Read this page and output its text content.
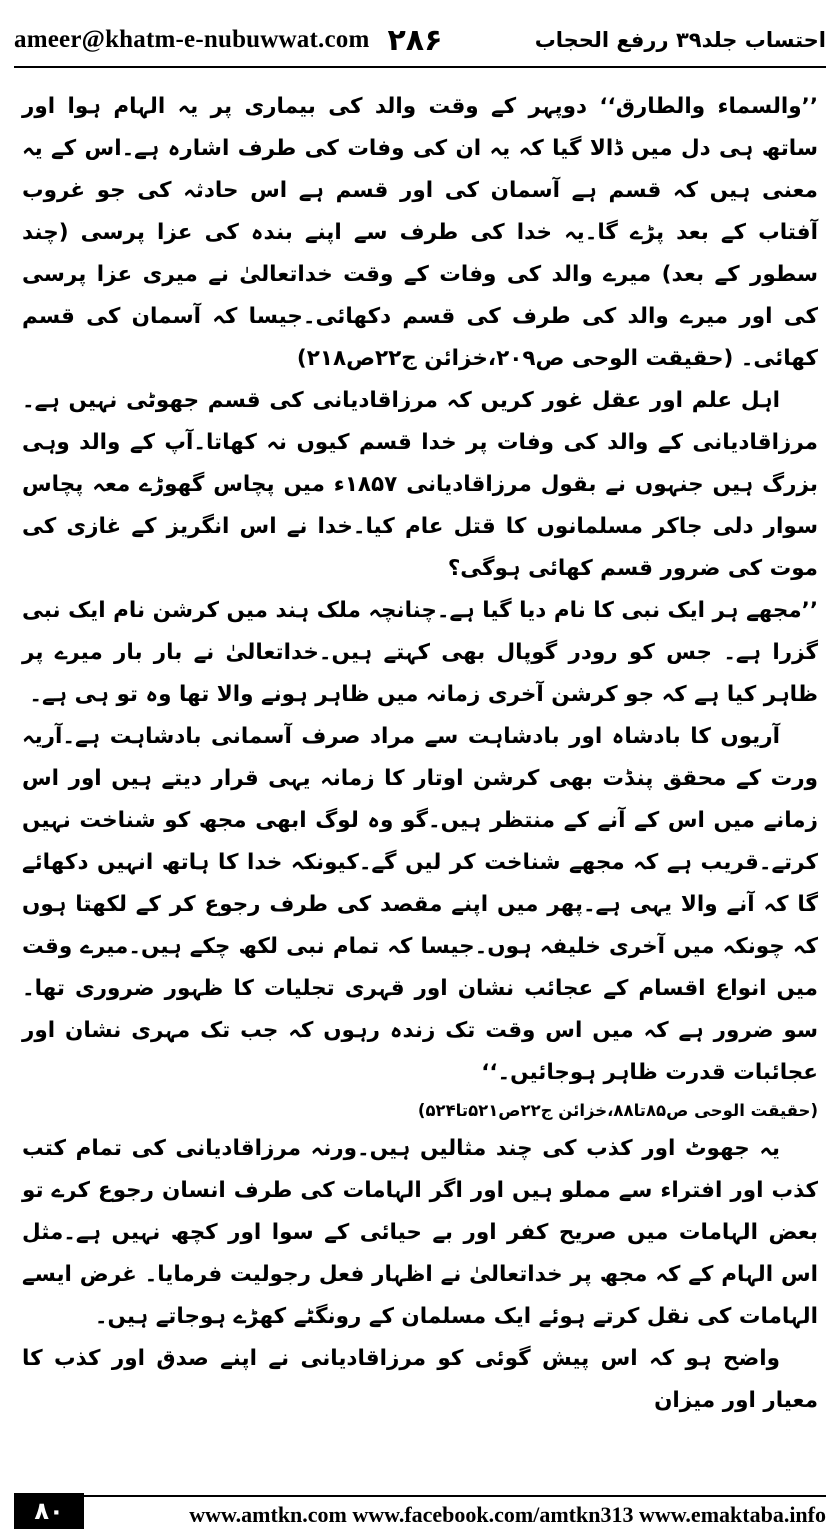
ameer@khatm-e-nubuwwat.com ۲۸۶	احتساب جلد۳۹ ررفع الحجاب

’’والسماء والطارق‘‘ دوپہر کے وقت والد کی بیماری پر یہ الہام ہوا اور ساتھ ہی دل میں ڈالا گیا کہ یہ ان کی وفات کی طرف اشارہ ہے۔اس کے یہ معنی ہیں کہ قسم ہے آسمان کی اور قسم ہے اس حادثہ کی جو غروب آفتاب کے بعد پڑے گا۔یہ خدا کی طرف سے اپنے بندہ کی عزا پرسی (چند سطور کے بعد) میرے والد کی وفات کے وقت خداتعالیٰ نے میری عزا پرسی کی اور میرے والد کی طرف کی قسم دکھائی۔جیسا کہ آسمان کی قسم کھائی۔ (حقیقت الوحی ص۲۰۹،خزائن ج۲۲ص۲۱۸)

اہل علم اور عقل غور کریں کہ مرزاقادیانی کی قسم جھوٹی نہیں ہے۔مرزاقادیانی کے والد کی وفات پر خدا قسم کیوں نہ کھاتا۔آپ کے والد وہی بزرگ ہیں جنہوں نے بقول مرزاقادیانی ۱۸۵۷ء میں پچاس گھوڑے معہ پچاس سوار دلی جاکر مسلمانوں کا قتل عام کیا۔خدا نے اس انگریز کے غازی کی موت کی ضرور قسم کھائی ہوگی؟

’’مجھے ہر ایک نبی کا نام دیا گیا ہے۔چنانچہ ملک ہند میں کرشن نام ایک نبی گزرا ہے۔ جس کو رودر گوپال بھی کہتے ہیں۔خداتعالیٰ نے بار بار میرے پر ظاہر کیا ہے کہ جو کرشن آخری زمانہ میں ظاہر ہونے والا تھا وہ تو ہی ہے۔

آریوں کا بادشاہ اور بادشاہت سے مراد صرف آسمانی بادشاہت ہے۔آریہ ورت کے محقق پنڈت بھی کرشن اوتار کا زمانہ یہی قرار دیتے ہیں اور اس زمانے میں اس کے آنے کے منتظر ہیں۔گو وہ لوگ ابھی مجھ کو شناخت نہیں کرتے۔قریب ہے کہ مجھے شناخت کر لیں گے۔کیونکہ خدا کا ہاتھ انہیں دکھائے گا کہ آنے والا یہی ہے۔پھر میں اپنے مقصد کی طرف رجوع کر کے لکھتا ہوں کہ چونکہ میں آخری خلیفہ ہوں۔جیسا کہ تمام نبی لکھ چکے ہیں۔میرے وقت میں انواع اقسام کے عجائب نشان اور قہری تجلیات کا ظہور ضروری تھا۔سو ضرور ہے کہ میں اس وقت تک زندہ رہوں کہ جب تک مہری نشان اور عجائبات قدرت ظاہر ہوجائیں۔‘‘

(حقیقت الوحی ص۸۵تا۸۸،خزائن ج۲۲ص۵۲۱تا۵۲۴)

یہ جھوٹ اور کذب کی چند مثالیں ہیں۔ورنہ مرزاقادیانی کی تمام کتب کذب اور افتراء سے مملو ہیں اور اگر الہامات کی طرف انسان رجوع کرے تو بعض الہامات میں صریح کفر اور بے حیائی کے سوا اور کچھ نہیں ہے۔مثل اس الہام کے کہ مجھ پر خداتعالیٰ نے اظہار فعل رجولیت فرمایا۔ غرض ایسے الہامات کی نقل کرتے ہوئے ایک مسلمان کے رونگٹے کھڑے ہوجاتے ہیں۔

واضح ہو کہ اس پیش گوئی کو مرزاقادیانی نے اپنے صدق اور کذب کا معیار اور میزان

۸۰	www.amtkn.com www.facebook.com/amtkn313 www.emaktaba.info
